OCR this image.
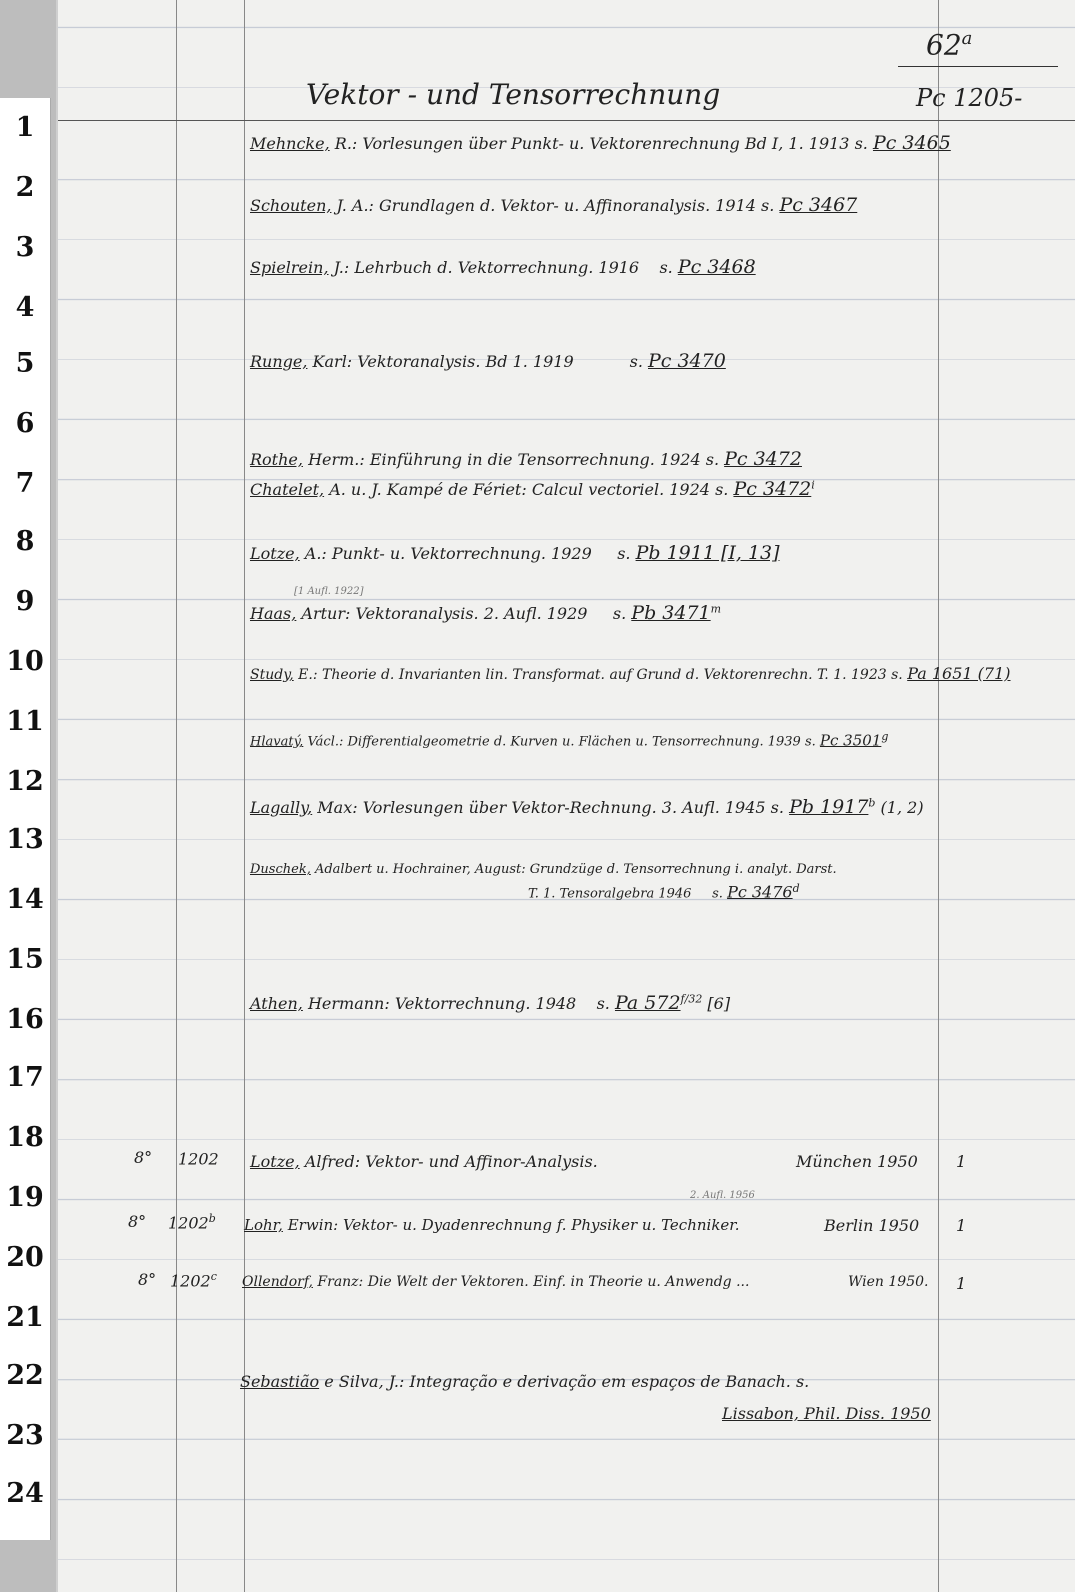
1
2
3
4
5
6
7
8
9
10
11
12
13
14
15
16
17
18
19
20
21
22
23
24
62$^a$
Vektor - und Tensorrechnung	Pc 1205-
Mehncke, R.: Vorlesungen über Punkt- u. Vektorenrechnung Bd I, 1. 1913 s. Pc 3465
Schouten, J. A.: Grundlagen d. Vektor- u. Affinoranalysis. 1914 s. Pc 3467
Spielrein, J.: Lehrbuch d. Vektorrechnung. 1916 s. Pc 3468
Runge, Karl: Vektoranalysis. Bd 1. 1919	s. Pc 3470
Rothe, Herm.: Einführung in die Tensorrechnung. 1924 s. Pc 3472
Chatelet, A. u. J. Kampé de Fériet: Calcul vectoriel. 1924 s. Pc 3472$^i$
Lotze, A.: Punkt- u. Vektorrechnung. 1929 s. Pb 1911 [I, 13]
[1 Aufl. 1922]
Haas, Artur: Vektoranalysis. 2. Aufl. 1929 s. Pb 3471$^m$
Study, E.: Theorie d. Invarianten lin. Transformat. auf Grund d. Vektorenrechn. T. 1. 1923 s. Pa 1651 (71)
Hlavatý, Václ.: Differentialgeometrie d. Kurven u. Flächen u. Tensorrechnung. 1939 s. Pc 3501$^g$
Lagally, Max: Vorlesungen über Vektor-Rechnung. 3. Aufl. 1945 s. Pb 1917$^b$ (1, 2)
Duschek, Adalbert u. Hochrainer, August: Grundzüge d. Tensorrechnung i. analyt. Darst.
T. 1. Tensoralgebra 1946 s. Pc 3476$^d$
Athen, Hermann: Vektorrechnung. 1948 s. Pa $572^{f/32}$ [6]
8° 1202 Lotze, Alfred: Vektor- und Affinor-Analysis.	München 1950 1
2. Aufl. 1956
8° 1202$^b$ Lohr, Erwin: Vektor- u. Dyadenrechnung f. Physiker u. Techniker.	Berlin 1950 1
8° 1202$^c$ Ollendorf, Franz: Die Welt der Vektoren. Einf. in Theorie u. Anwendg ...	Wien 1950. 1
Sebastião e Silva, J.: Integração e derivação em espaços de Banach. s.
Lissabon, Phil. Diss. 1950
